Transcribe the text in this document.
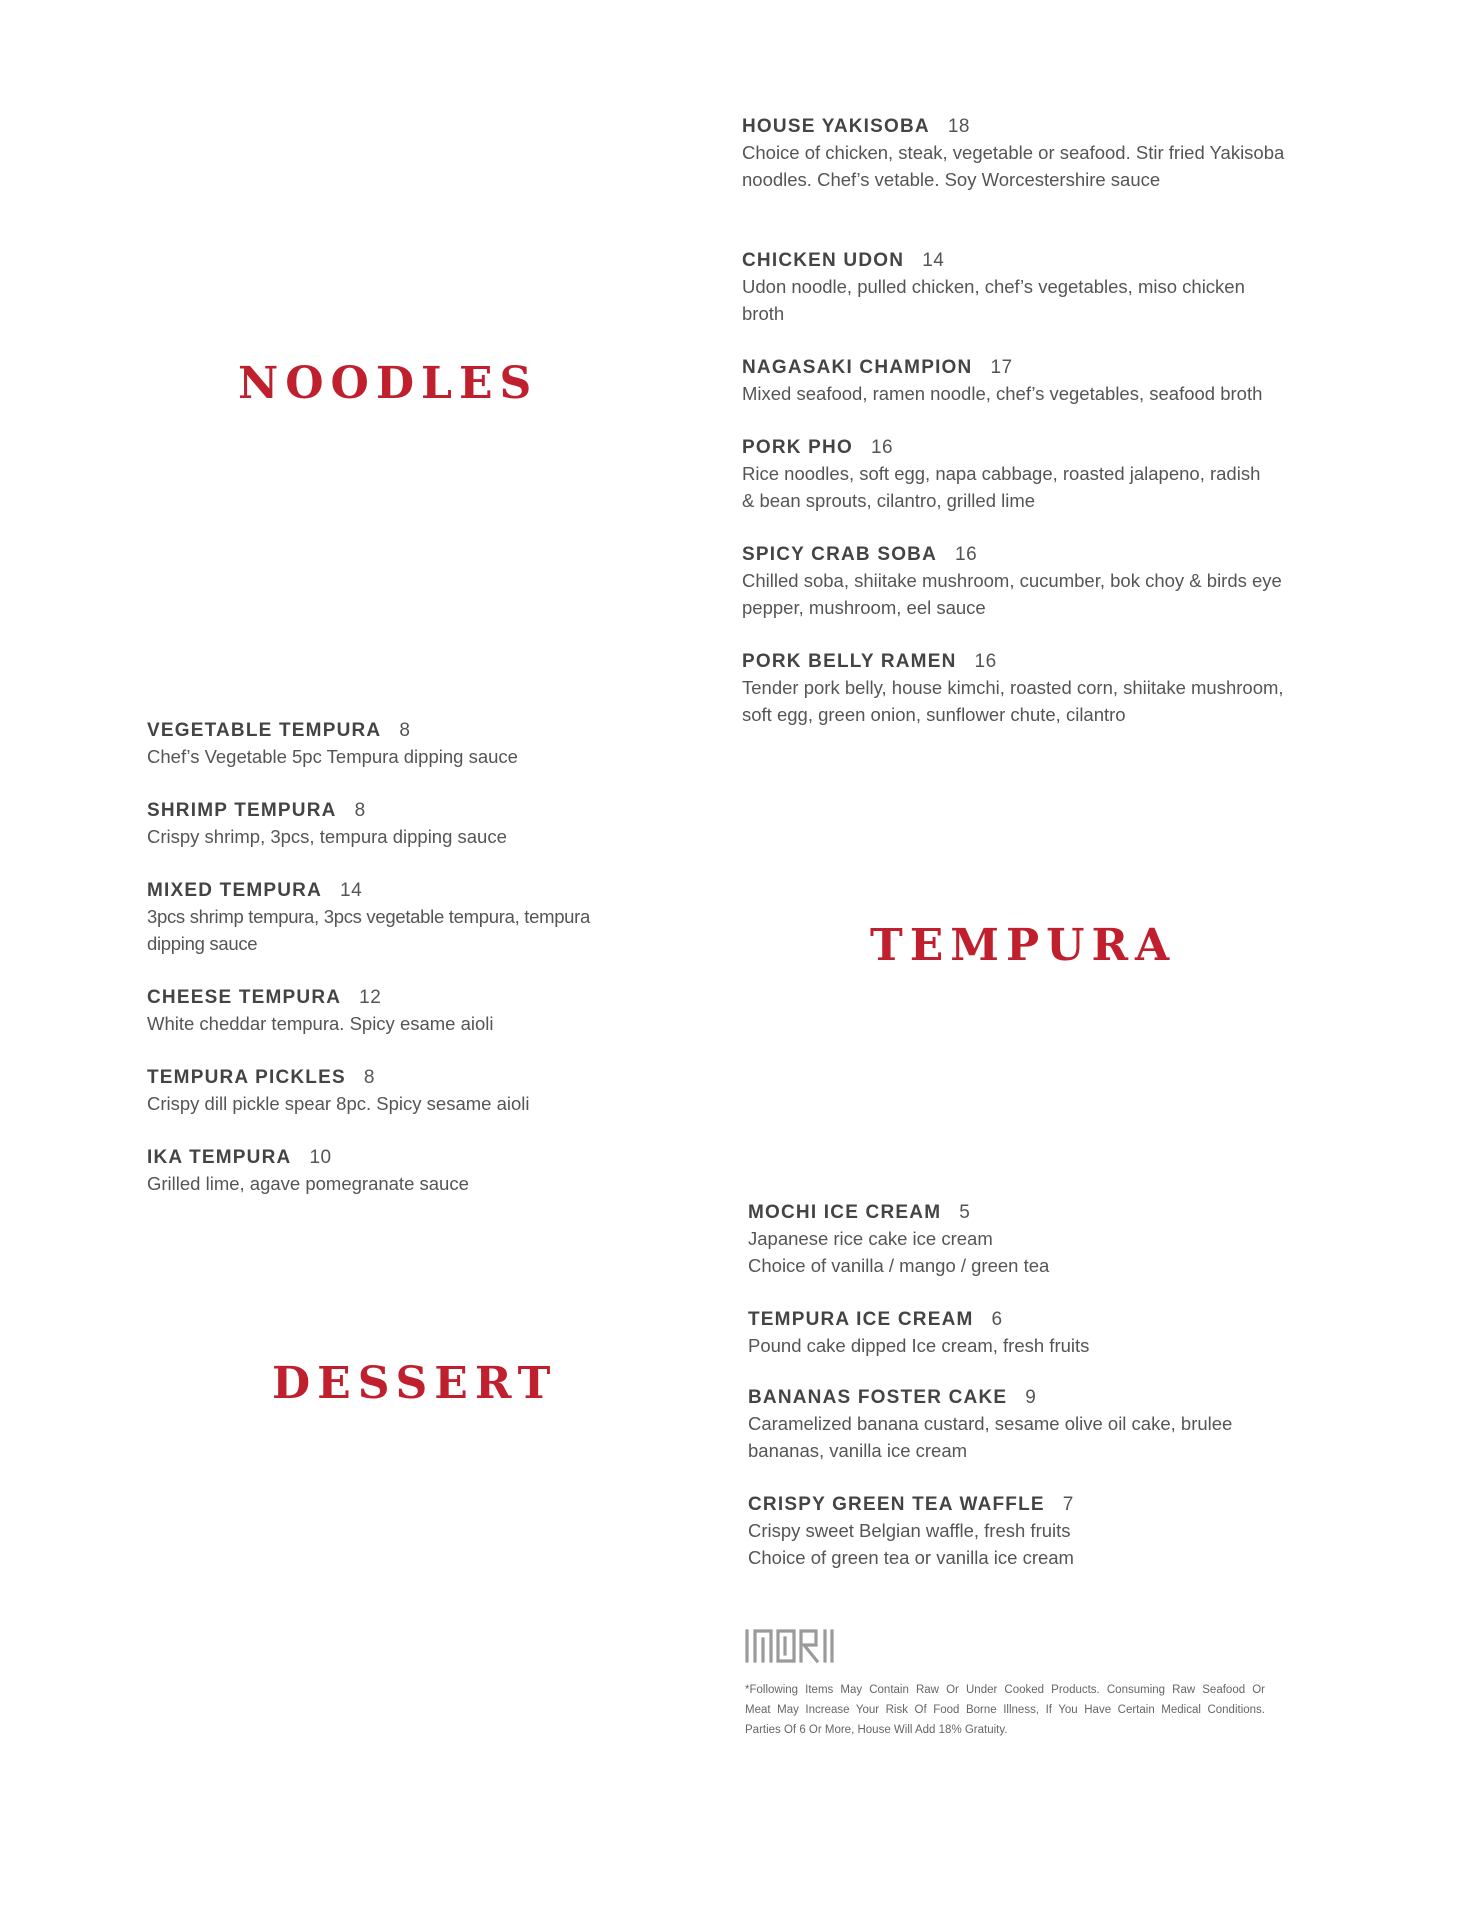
NOODLES
TEMPURA
DESSERT
HOUSE YAKISOBA 18

Choice of chicken, steak, vegetable or seafood. Stir fried Yakisoba
noodles. Chef’s vetable. Soy Worcestershire sauce

CHICKEN UDON 14

Udon noodle, pulled chicken, chef’s vegetables, miso chicken
broth

NAGASAKI CHAMPION 17

Mixed seafood, ramen noodle, chef’s vegetables, seafood broth

PORK PHO 16

Rice noodles, soft egg, napa cabbage, roasted jalapeno, radish
& bean sprouts, cilantro, grilled lime

SPICY CRAB SOBA 16

Chilled soba, shiitake mushroom, cucumber, bok choy & birds eye
pepper, mushroom, eel sauce

PORK BELLY RAMEN 16

Tender pork belly, house kimchi, roasted corn, shiitake mushroom,
soft egg, green onion, sunflower chute, cilantro

VEGETABLE TEMPURA 8

Chef’s Vegetable 5pc Tempura dipping sauce

SHRIMP TEMPURA 8

Crispy shrimp, 3pcs, tempura dipping sauce

MIXED TEMPURA 14

3pcs shrimp tempura, 3pcs vegetable tempura, tempura
dipping sauce

CHEESE TEMPURA 12

White cheddar tempura. Spicy esame aioli

TEMPURA PICKLES 8

Crispy dill pickle spear 8pc. Spicy sesame aioli

IKA TEMPURA 10

Grilled lime, agave pomegranate sauce

MOCHI ICE CREAM 5

Japanese rice cake ice cream
Choice of vanilla / mango / green tea

TEMPURA ICE CREAM 6

Pound cake dipped Ice cream, fresh fruits

BANANAS FOSTER CAKE 9

Caramelized banana custard, sesame olive oil cake, brulee
bananas, vanilla ice cream

CRISPY GREEN TEA WAFFLE 7

Crispy sweet Belgian waffle, fresh fruits
Choice of green tea or vanilla ice cream

*Following Items May Contain Raw Or Under Cooked Products. Consuming Raw Seafood Or
Meat May Increase Your Risk Of Food Borne Illness, If You Have Certain Medical Conditions.
Parties Of 6 Or More, House Will Add 18% Gratuity.
